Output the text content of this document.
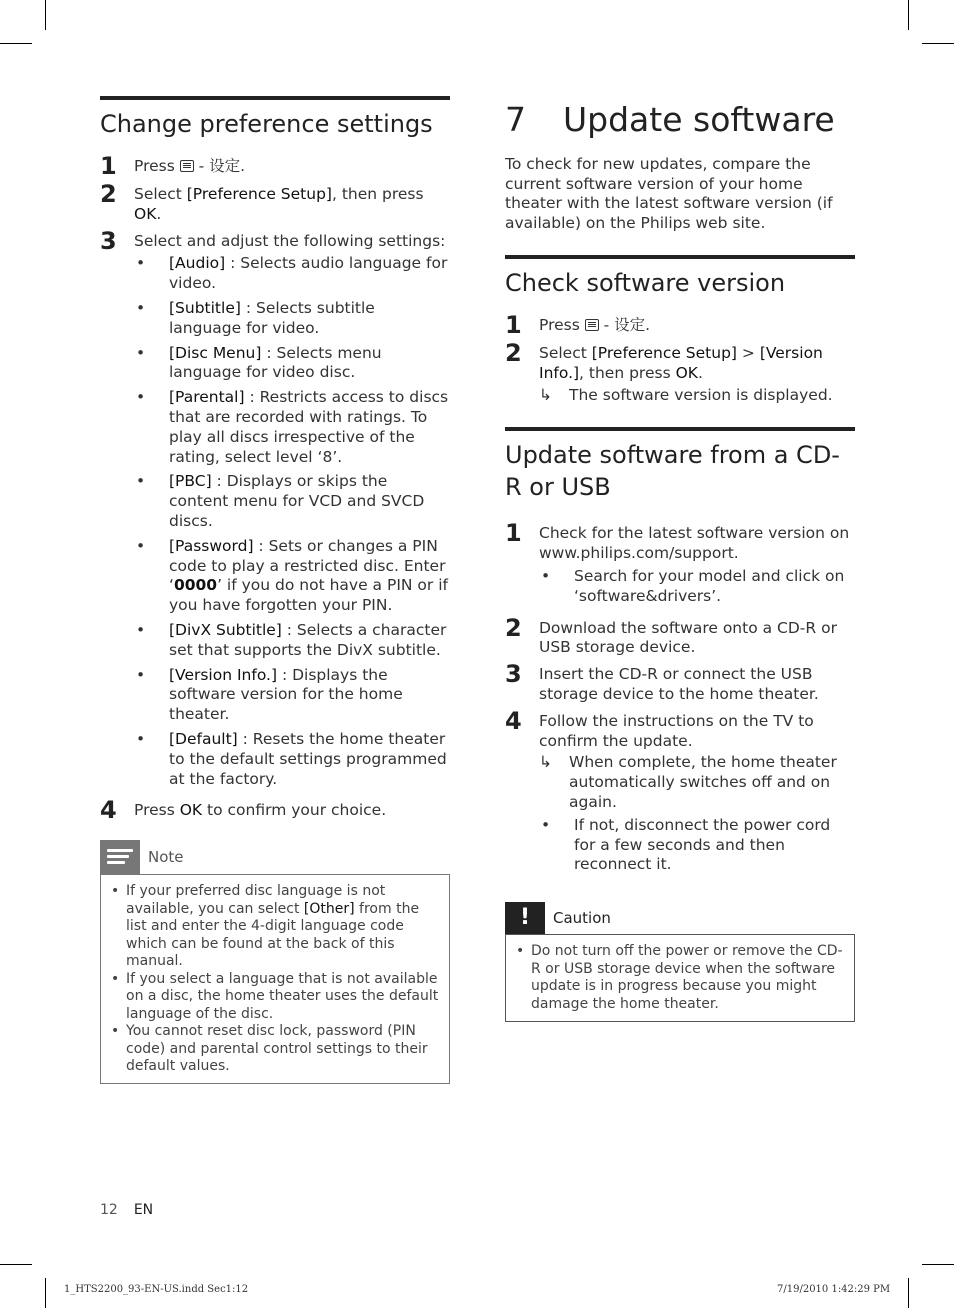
Change preference settings
1	Press  - 设定.
2	Select [Preference Setup], then press OK.
3	Select and adjust the following settings:
• [Audio] : Selects audio language for video.
• [Subtitle] : Selects subtitle language for video.
• [Disc Menu] : Selects menu language for video disc.
• [Parental] : Restricts access to discs that are recorded with ratings. To play all discs irrespective of the rating, select level ‘8’.
• [PBC] : Displays or skips the content menu for VCD and SVCD discs.
• [Password] : Sets or changes a PIN code to play a restricted disc. Enter ‘0000’ if you do not have a PIN or if you have forgotten your PIN.
• [DivX Subtitle] : Selects a character set that supports the DivX subtitle.
• [Version Info.] : Displays the software version for the home theater.
• [Default] : Resets the home theater to the default settings programmed at the factory.
4	Press OK to confirm your choice.
Note
• If your preferred disc language is not available, you can select [Other] from the list and enter the 4-digit language code which can be found at the back of this manual.
• If you select a language that is not available on a disc, the home theater uses the default language of the disc.
• You cannot reset disc lock, password (PIN code) and parental control settings to their default values.
7	Update software

To check for new updates, compare the current software version of your home theater with the latest software version (if available) on the Philips web site.

Check software version
1	Press  - 设定.
2	Select [Preference Setup] > [Version Info.], then press OK.
↳ The software version is displayed.
Update software from a CD-R or USB
1	Check for the latest software version on www.philips.com/support.
• Search for your model and click on ‘software&drivers’.
2	Download the software onto a CD-R or USB storage device.
3	Insert the CD-R or connect the USB storage device to the home theater.
4	Follow the instructions on the TV to confirm the update.
↳ When complete, the home theater automatically switches off and on again.
• If not, disconnect the power cord for a few seconds and then reconnect it.
!	Caution
• Do not turn off the power or remove the CD-R or USB storage device when the software update is in progress because you might damage the home theater.
12 EN
1_HTS2200_93-EN-US.indd Sec1:12	7/19/2010 1:42:29 PM
